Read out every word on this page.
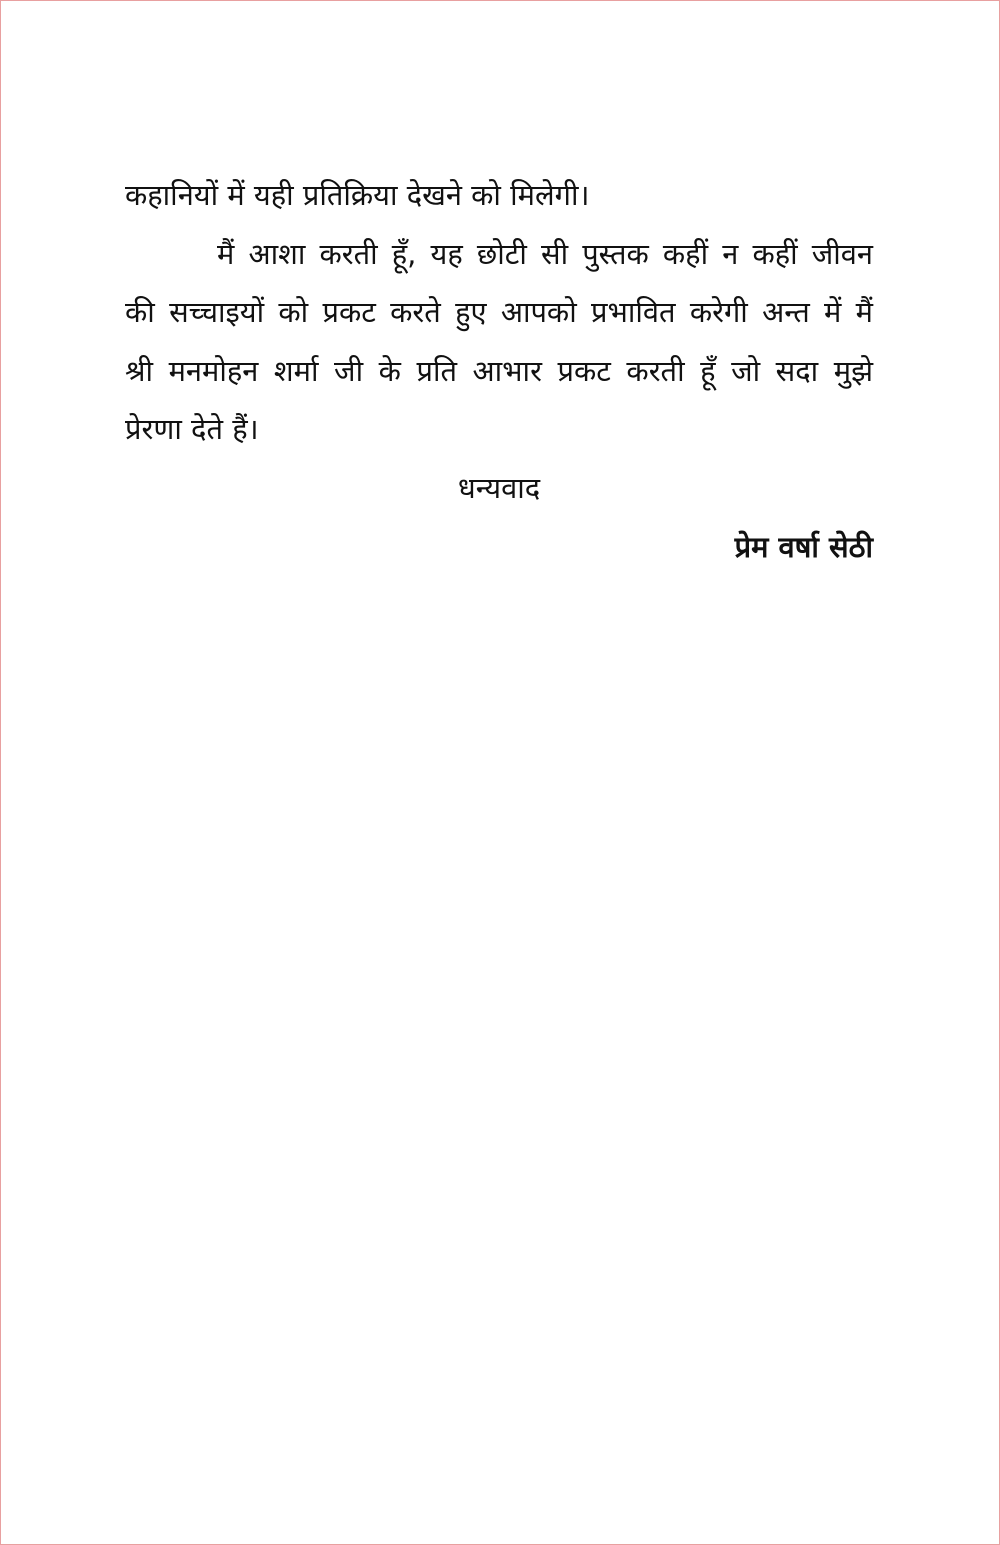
कहानियों में यही प्रतिक्रिया देखने को मिलेगी।
मैं आशा करती हूँ, यह छोटी सी पुस्तक कहीं न कहीं जीवन
की सच्चाइयों को प्रकट करते हुए आपको प्रभावित करेगी अन्त में मैं
श्री मनमोहन शर्मा जी के प्रति आभार प्रकट करती हूँ जो सदा मुझे
प्रेरणा देते हैं।
धन्यवाद
प्रेम वर्षा सेठी
